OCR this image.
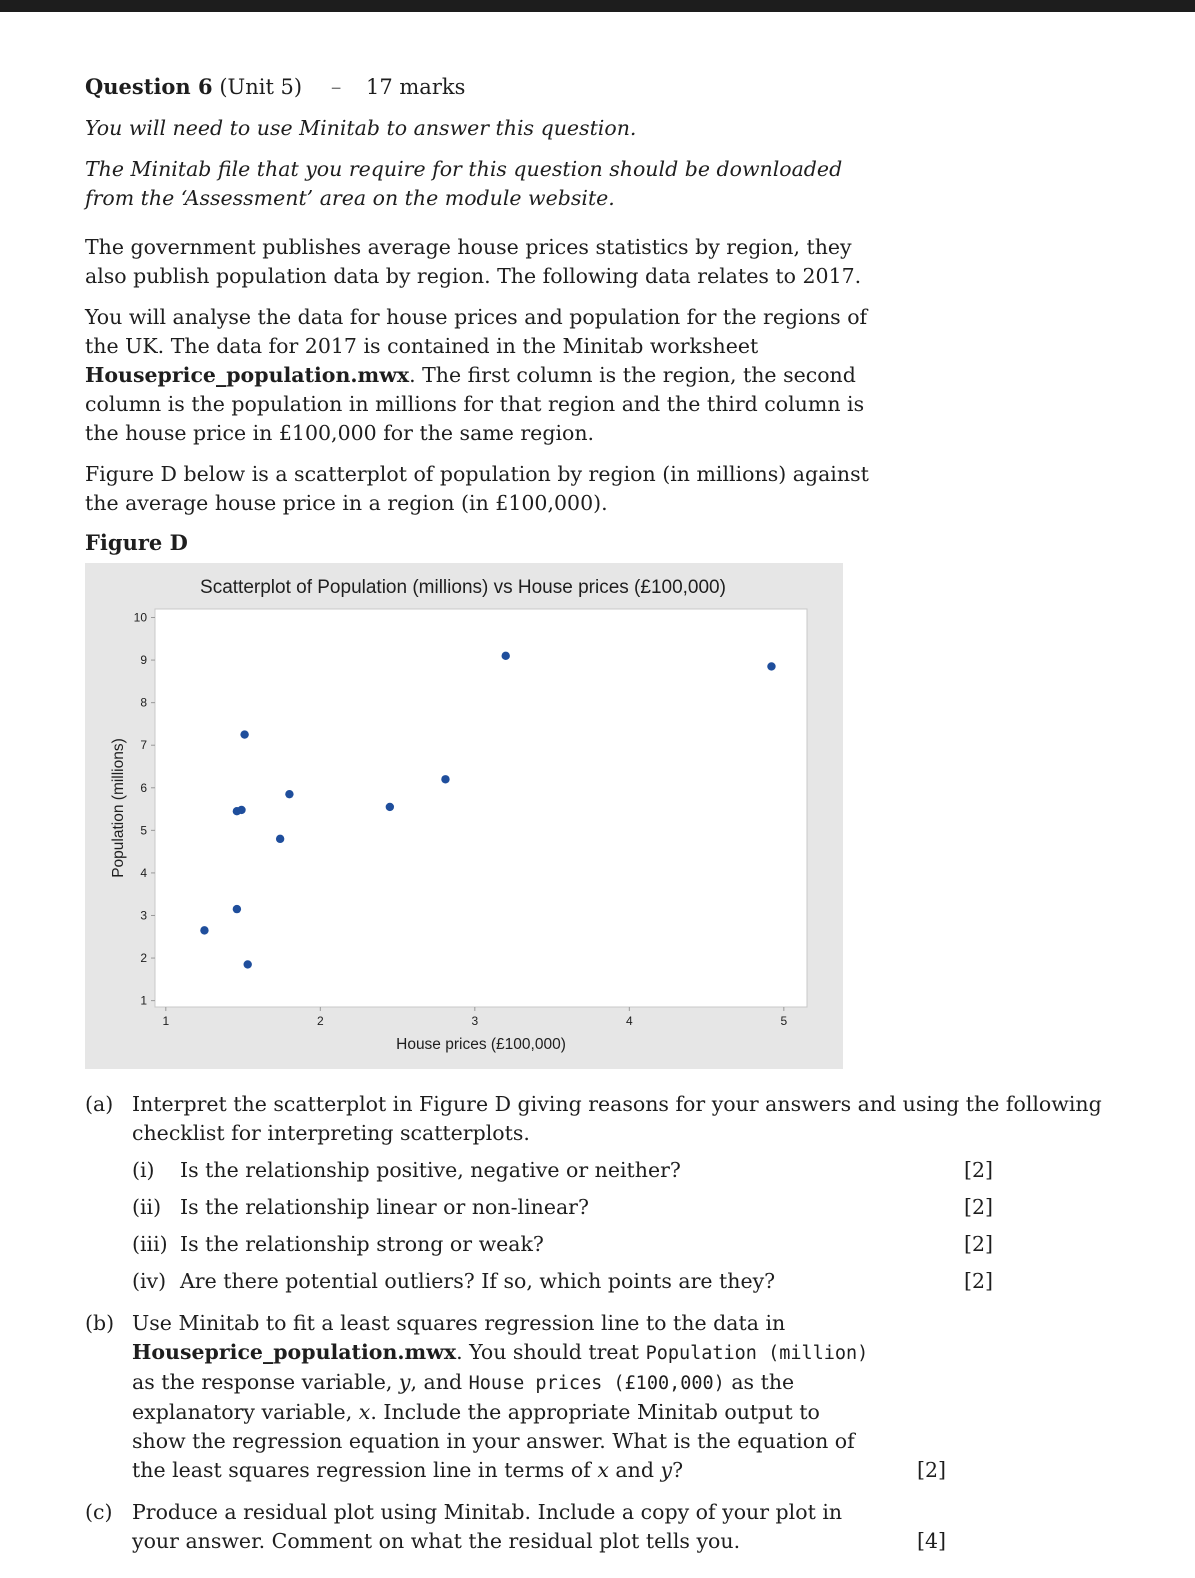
Question 6 (Unit 5) – 17 marks

You will need to use Minitab to answer this question.

The Minitab file that you require for this question should be downloaded from the ‘Assessment’ area on the module website.

The government publishes average house prices statistics by region, they also publish population data by region. The following data relates to 2017.

You will analyse the data for house prices and population for the regions of the UK. The data for 2017 is contained in the Minitab worksheet Houseprice_population.mwx. The first column is the region, the second column is the population in millions for that region and the third column is the house price in £100,000 for the same region.

Figure D below is a scatterplot of population by region (in millions) against the average house price in a region (in £100,000).

Figure D

Scatterplot of Population (millions) vs House prices (£100,000)
House prices (£100,000)
Population (millions)
1	2	3	4	5
1
2
3
4
5
6
7
8
9
10
(a) Interpret the scatterplot in Figure D giving reasons for your answers and using the following checklist for interpreting scatterplots.
(i) Is the relationship positive, negative or neither?	[2]
(ii) Is the relationship linear or non-linear?	[2]
(iii) Is the relationship strong or weak?	[2]
(iv) Are there potential outliers? If so, which points are they?	[2]
(b) Use Minitab to fit a least squares regression line to the data in Houseprice_population.mwx. You should treat Population (million) as the response variable, y, and House prices (£100,000) as the explanatory variable, x. Include the appropriate Minitab output to show the regression equation in your answer. What is the equation of the least squares regression line in terms of x and y?	[2]
(c) Produce a residual plot using Minitab. Include a copy of your plot in your answer. Comment on what the residual plot tells you.	[4]
